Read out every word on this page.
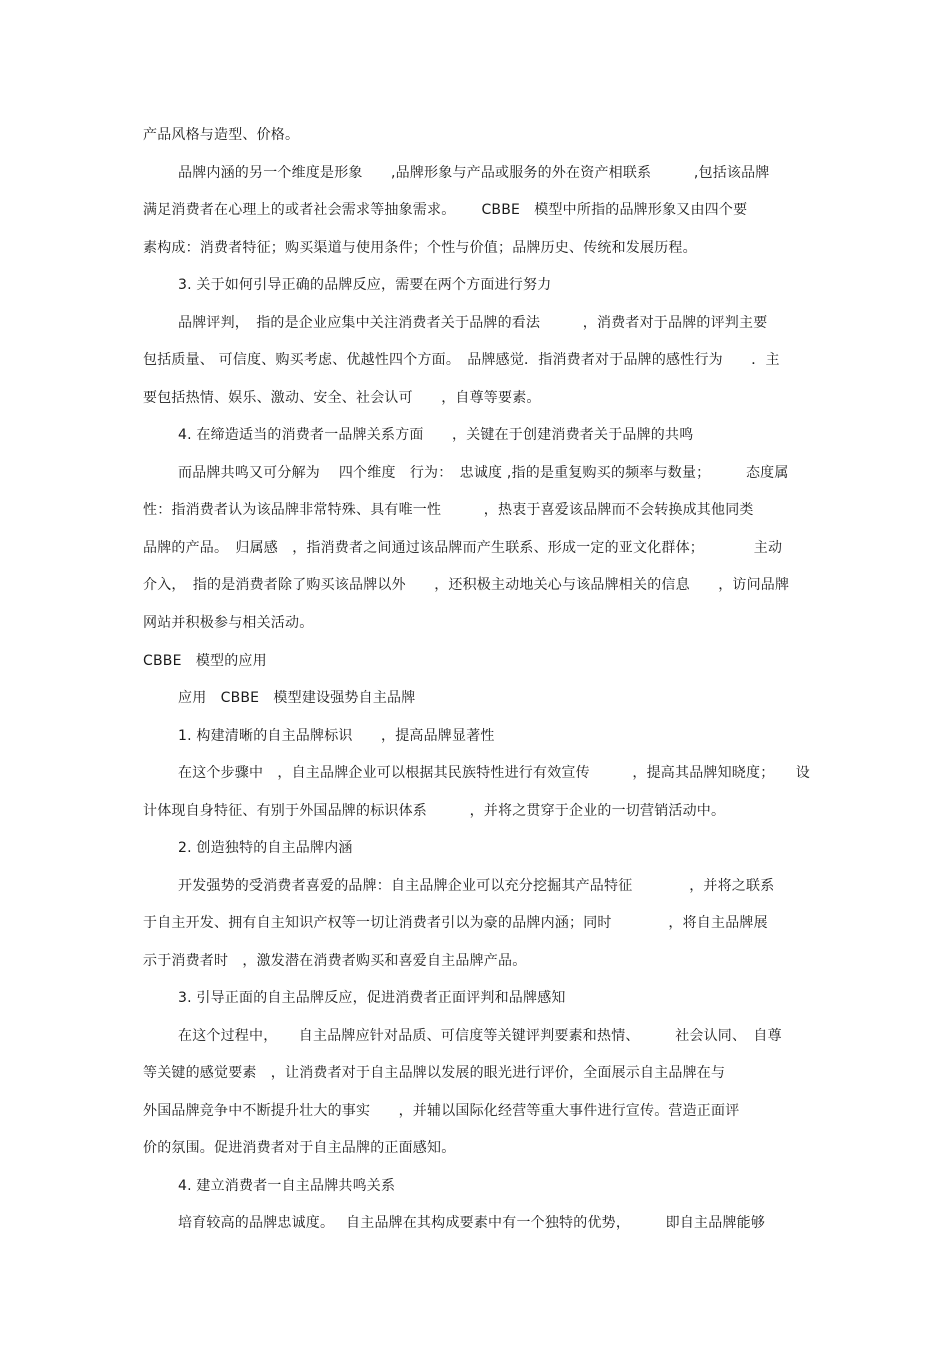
产品风格与造型、价格。
品牌内涵的另一个维度是形象　　,品牌形象与产品或服务的外在资产相联系　　　,包括该品牌
满足消费者在心理上的或者社会需求等抽象需求。　　 CBBE　模型中所指的品牌形象又由四个要
素构成：消费者特征；购买渠道与使用条件；个性与价值；品牌历史、传统和发展历程。
3. 关于如何引导正确的品牌反应，需要在两个方面进行努力
品牌评判，　指的是企业应集中关注消费者关于品牌的看法　　　，消费者对于品牌的评判主要
包括质量、 可信度、购买考虑、优越性四个方面。　品牌感觉．指消费者对于品牌的感性行为　　．主
要包括热情、娱乐、激动、安全、社会认可　　，自尊等要素。
4. 在缔造适当的消费者一品牌关系方面　　，关键在于创建消费者关于品牌的共鸣
而品牌共鸣又可分解为　 四个维度　行为：　忠诚度 ,指的是重复购买的频率与数量；　　　态度属
性：指消费者认为该品牌非常特殊、具有唯一性　　　，热衷于喜爱该品牌而不会转换成其他同类
品牌的产品。　归属感　，指消费者之间通过该品牌而产生联系、形成一定的亚文化群体；　　　　主动
介入，　指的是消费者除了购买该品牌以外　　，还积极主动地关心与该品牌相关的信息　　，访问品牌
网站并积极参与相关活动。
CBBE　模型的应用
应用　CBBE　模型建设强势自主品牌
1. 构建清晰的自主品牌标识　　，提高品牌显著性
在这个步骤中　，自主品牌企业可以根据其民族特性进行有效宣传　　　，提高其品牌知晓度；　　设
计体现自身特征、有别于外国品牌的标识体系　　　，并将之贯穿于企业的一切营销活动中。
2. 创造独特的自主品牌内涵
开发强势的受消费者喜爱的品牌：自主品牌企业可以充分挖掘其产品特征　　　　，并将之联系
于自主开发、拥有自主知识产权等一切让消费者引以为豪的品牌内涵；同时　　　　，将自主品牌展
示于消费者时　，激发潜在消费者购买和喜爱自主品牌产品。
3. 引导正面的自主品牌反应，促进消费者正面评判和品牌感知
在这个过程中，　　自主品牌应针对品质、可信度等关键评判要素和热情、　　　社会认同、　自尊
等关键的感觉要素　，让消费者对于自主品牌以发展的眼光进行评价，全面展示自主品牌在与
外国品牌竞争中不断提升壮大的事实　　，并辅以国际化经营等重大事件进行宣传。营造正面评
价的氛围。促进消费者对于自主品牌的正面感知。
4. 建立消费者一自主品牌共鸣关系
培育较高的品牌忠诚度。　 自主品牌在其构成要素中有一个独特的优势，　　　即自主品牌能够
